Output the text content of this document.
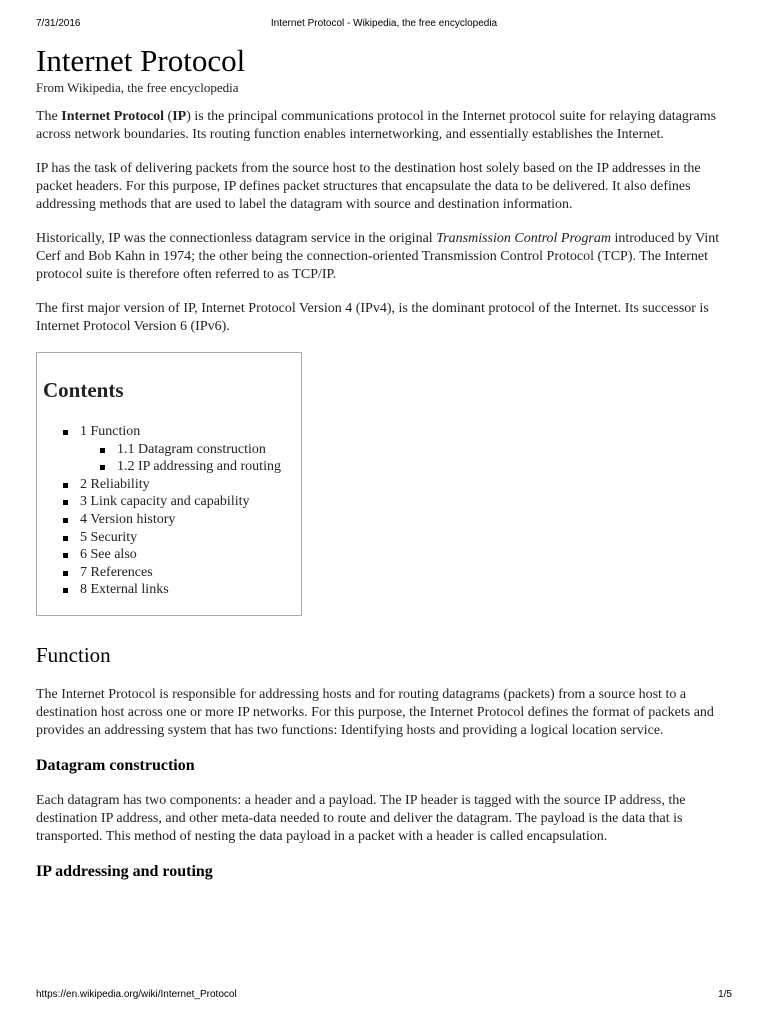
7/31/2016	Internet Protocol - Wikipedia, the free encyclopedia
Internet Protocol
From Wikipedia, the free encyclopedia

The Internet Protocol (IP) is the principal communications protocol in the Internet protocol suite for relaying datagrams across network boundaries. Its routing function enables internetworking, and essentially establishes the Internet.

IP has the task of delivering packets from the source host to the destination host solely based on the IP addresses in the packet headers. For this purpose, IP defines packet structures that encapsulate the data to be delivered. It also defines addressing methods that are used to label the datagram with source and destination information.

Historically, IP was the connectionless datagram service in the original Transmission Control Program introduced by Vint Cerf and Bob Kahn in 1974; the other being the connection-oriented Transmission Control Protocol (TCP). The Internet protocol suite is therefore often referred to as TCP/IP.

The first major version of IP, Internet Protocol Version 4 (IPv4), is the dominant protocol of the Internet. Its successor is Internet Protocol Version 6 (IPv6).

Contents
1 Function
1.1 Datagram construction
1.2 IP addressing and routing
2 Reliability
3 Link capacity and capability
4 Version history
5 Security
6 See also
7 References
8 External links
Function

The Internet Protocol is responsible for addressing hosts and for routing datagrams (packets) from a source host to a destination host across one or more IP networks. For this purpose, the Internet Protocol defines the format of packets and provides an addressing system that has two functions: Identifying hosts and providing a logical location service.

Datagram construction

Each datagram has two components: a header and a payload. The IP header is tagged with the source IP address, the destination IP address, and other meta-data needed to route and deliver the datagram. The payload is the data that is transported. This method of nesting the data payload in a packet with a header is called encapsulation.

IP addressing and routing
https://en.wikipedia.org/wiki/Internet_Protocol	1/5
